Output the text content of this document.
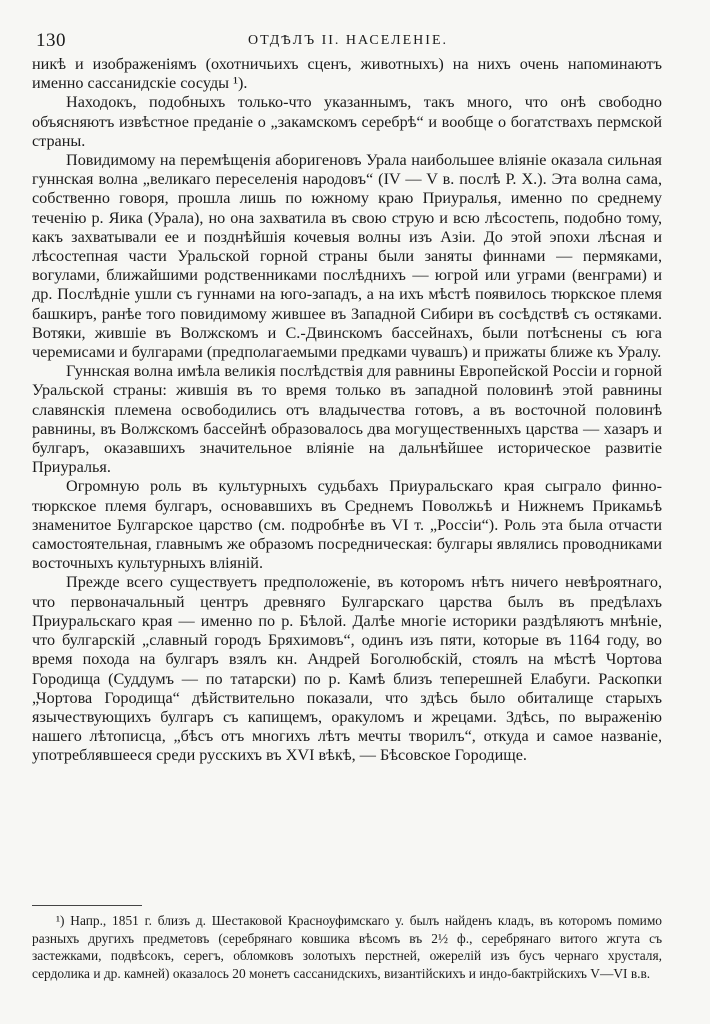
130	ОТДѢЛЪ II. НАСЕЛЕНІЕ.

никѣ и изображеніямъ (охотничьихъ сценъ, животныхъ) на нихъ очень напоминаютъ именно сассанидскіе сосуды ¹).

Находокъ, подобныхъ только-что указаннымъ, такъ много, что онѣ свободно объясняютъ извѣстное преданіе о „закамскомъ серебрѣ“ и вообще о богатствахъ пермской страны.

Повидимому на перемѣщенія аборигеновъ Урала наибольшее вліяніе оказала сильная гуннская волна „великаго переселенія народовъ“ (IV — V в. послѣ Р. Х.). Эта волна сама, собственно говоря, прошла лишь по южному краю Приуралья, именно по среднему теченію р. Яика (Урала), но она захватила въ свою струю и всю лѣсостепь, подобно тому, какъ захватывали ее и позднѣйшія кочевыя волны изъ Азіи. До этой эпохи лѣсная и лѣсостепная части Уральской горной страны были заняты финнами — пермяками, вогулами, ближайшими родственниками послѣднихъ — югрой или уграми (венграми) и др. Послѣдніе ушли съ гуннами на юго-западъ, а на ихъ мѣстѣ появилось тюркское племя башкиръ, ранѣе того повидимому жившее въ Западной Сибири въ сосѣдствѣ съ остяками. Вотяки, жившіе въ Волжскомъ и С.-Двинскомъ бассейнахъ, были потѣснены съ юга черемисами и булгарами (предполагаемыми предками чувашъ) и прижаты ближе къ Уралу.

Гуннская волна имѣла великія послѣдствія для равнины Европейской Россіи и горной Уральской страны: жившія въ то время только въ западной половинѣ этой равнины славянскія племена освободились отъ владычества готовъ, а въ восточной половинѣ равнины, въ Волжскомъ бассейнѣ образовалось два могущественныхъ царства — хазаръ и булгаръ, оказавшихъ значительное вліяніе на дальнѣйшее историческое развитіе Приуралья.

Огромную роль въ культурныхъ судьбахъ Приуральскаго края сыграло финно-тюркское племя булгаръ, основавшихъ въ Среднемъ Поволжьѣ и Нижнемъ Прикамьѣ знаменитое Булгарское царство (см. подробнѣе въ VI т. „Россіи“). Роль эта была отчасти самостоятельная, главнымъ же образомъ посредническая: булгары являлись проводниками восточныхъ культурныхъ вліяній.

Прежде всего существуетъ предположеніе, въ которомъ нѣтъ ничего невѣроятнаго, что первоначальный центръ древняго Булгарскаго царства былъ въ предѣлахъ Приуральскаго края — именно по р. Бѣлой. Далѣе многіе историки раздѣляютъ мнѣніе, что булгарскій „славный городъ Бряхимовъ“, одинъ изъ пяти, которые въ 1164 году, во время похода на булгаръ взялъ кн. Андрей Боголюбскій, стоялъ на мѣстѣ Чортова Городища (Суддумъ — по татарски) по р. Камѣ близъ теперешней Елабуги. Раскопки „Чортова Городища“ дѣйствительно показали, что здѣсь было обиталище старыхъ язычествующихъ булгаръ съ капищемъ, оракуломъ и жрецами. Здѣсь, по выраженію нашего лѣтописца, „бѣсъ отъ многихъ лѣтъ мечты творилъ“, откуда и самое названіе, употреблявшееся среди русскихъ въ XVI вѣкѣ, — Бѣсовское Городище.

¹) Напр., 1851 г. близъ д. Шестаковой Красноуфимскаго у. былъ найденъ кладъ, въ которомъ помимо разныхъ другихъ предметовъ (серебрянаго ковшика вѣсомъ въ 2½ ф., серебрянаго витого жгута съ застежками, подвѣсокъ, серегъ, обломковъ золотыхъ перстней, ожерелій изъ бусъ чернаго хрусталя, сердолика и др. камней) оказалось 20 монетъ сассанидскихъ, византійскихъ и индо-бактрійскихъ V—VI в.в.
